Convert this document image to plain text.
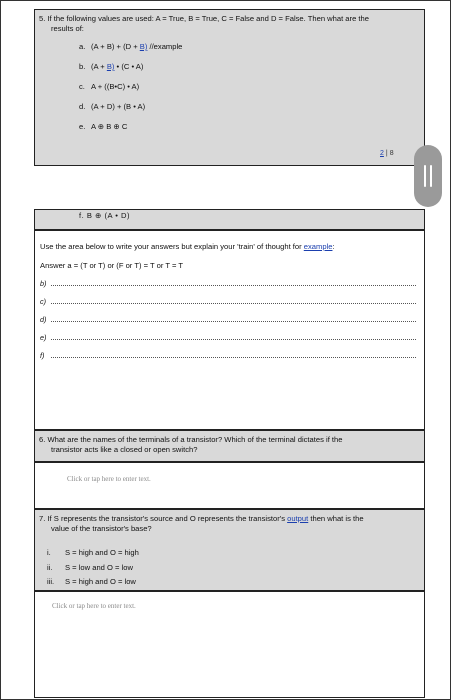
5. If the following values are used: A = True, B = True, C = False and D = False. Then what are the
results of:
a. (A + B) + (D + B) //example
b. (A + B) • (C • A)
c. A + ((B•C) • A)
d. (A + D) + (B • A)
e. A ⊕ B ⊕ C
2 | 8
f. B ⊕ (A • D)
Use the area below to write your answers but explain your 'train' of thought for example:
Answer a = (T or T) or (F or T) = T or T = T
b)
c)
d)
e)
f)
6. What are the names of the terminals of a transistor? Which of the terminal dictates if the
transistor acts like a closed or open switch?
Click or tap here to enter text.
7. If S represents the transistor's source and O represents the transistor's output then what is the
value of the transistor's base?
i. S = high and O = high
ii. S = low and O = low
iii. S = high and O = low
Click or tap here to enter text.
